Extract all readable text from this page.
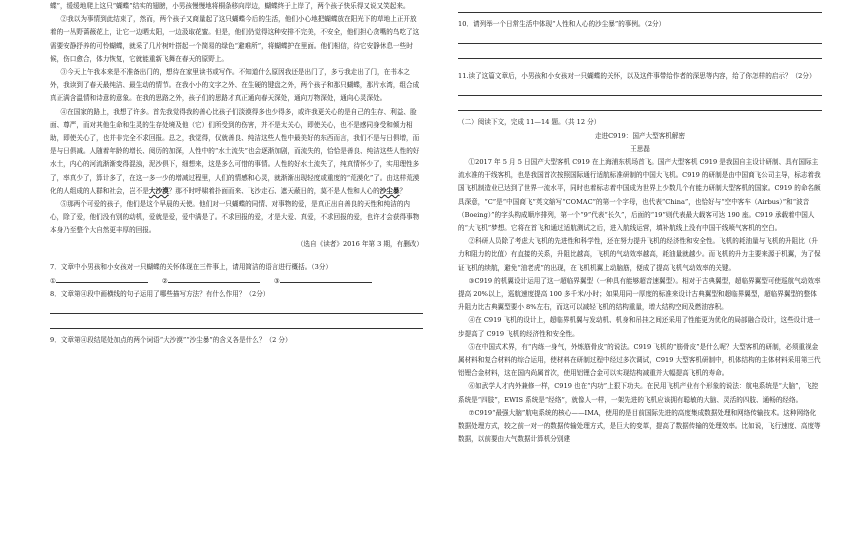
蝶”，缓缓地爬上这只“蝴蝶”结实的翅膀，小男孩慢慢地将桐条移向岸边，蝴蝶终于上岸了，两个孩子快乐得又说又笑起来。

②我以为事情到此结束了，然而，两个孩子又商量起了这只蝴蝶今后的生活，他们小心地把蝴蝶放在阳光下的草地上正开放着的一丛野蔷薇花上，让它一边晒太阳，一边汲取花蜜。但是，他们仍觉得这种安排不完美，不安全，他们担心贪嘴的鸟吃了这需要安静抒养的可怜蝴蝶，就采了几片树叶搭起一个简易的绿色“避难所”，将蝴蝶护在里面。他们相信，待它安静休息一些时候，伤口愈合，体力恢复，它就能重新飞舞在春天的原野上。

③今天上午我本来是不准备出门的，想待在家里读书或写作。不知道什么原因我还是出门了，多亏我走出了门，在书本之外，我读到了春天最纯洁、最生动的情节。在我小小的文字之外、在生硬的键盘之外，两个孩子和那只蝴蝶，那片水湾，组合成真正满含温情和诗意的意象。在我的思路之外，孩子们的思路才真正通向春天深处，通向万物深处，通向心灵深处。

④在国家的路上，我想了许多。首先我觉得我的善心比孩子们淡漠得多也少得多，或许我更关心的是自己的生存、利益、脸面、尊严，而对其他生命和生灵的生存处境及他（它）们所受到的伤害，并不是太关心，即使关心，也不是感同身受和倾力相助，即使关心了，也并非完全不求回报。总之，我觉得，仅就善良、纯洁这些人性中最美好的东西而言，我们不是与日俱增，而是与日俱减。人随着年龄的增长、阅历的加深，人性中的“水土流失”也会逐渐加剧，而流失的，恰恰是善良、纯洁这些人性的好水土，内心的河流渐渐变得混浊，泥沙俱下，细想来，这是多么可惜的事情。人性的好水土流失了，纯真情怀少了，实用理性多了，率真少了，算计多了，在这一多一少的增减过程里，人们的情感和心灵，就渐渐出现轻度或重度的“荒漠化”了。由这样荒漠化的人组成的人群和社会，岂不是大沙漠？那不时呼啸着扑面而来、飞沙走石、遮天蔽日的，莫不是人性和人心的沙尘暴？

⑤那两个可爱的孩子，他们是这个早晨的天使。他们对一只蝴蝶的同情、对事物的爱，是真正出自善良的天性和纯洁的内心，除了爱，他们没有别的动机，爱就是爱，爱中满是了。不求回报的爱，才是大爱、真爱，不求回报的爱，也许才会获得事物本身乃至整个大自然更丰厚的回报。

（选自《读者》2016 年第 3 期，有删改）

7．文章中小男孩和小女孩对一只蝴蝶的关怀体现在三件事上，请用简洁的语言进行概括。（3分）

①	②	③

8．文章第④段中画横线的句子运用了哪些描写方法？有什么作用？（2分）

9．文章第④段结尾处加点的两个词语“大沙漠”“沙尘暴”的含义各是什么？（2 分）

10．请列举一个日常生活中体现“人性和人心的沙尘暴”的事例。（2分）

11.读了这篇文章后，小男孩和小女孩对一只蝴蝶的关怀，以及这件事带给作者的深思等内容，给了你怎样的启示？（2分）

（二）阅读下文，完成 11—14 题。（共 12 分）

走进C919：国产大型客机解密

王思磊

①2017 年 5 月 5 日国产大型客机 C919 在上海浦东机场首飞。国产大型客机 C919 是我国自主设计研制、具有国际主流水准的干线客机，也是我国首次按照国际通行适航标准研制的中国大飞机。C919 的研制是由中国商飞公司主导，标志着我国飞机制造业已达到了世界一流水平，同时也着标志着中国成为世界上少数几个有能力研制大型客机的国家。C919 的命名颇具深意，“C”是“中国商飞”英文缩写“COMAC”的第一个字母，也代表“China”，也恰好与“空中客车（Airbus）”和“波音（Boeing）”的字头构成顺序排列，第一个“9”代表“长久”，后面的“19”则代表最大载客可达 190 座。C919 承载着中国人的“大飞机”梦想。它将在首飞和通过适航测试之后，进入航线运营，填补航线上没有中国干线喷气客机的空白。

②科研人员除了考虑大飞机的先进性和科学性，还在努力提升飞机的经济性和安全性。飞机的耗油量与飞机的升阻比（升力和阻力的比值）有直接的关系，升阻比越高，飞机的气动效率越高，耗油量就越少。而飞机的升力主要来源于机翼，为了保证飞机的续航，避免“油老虎”的出现，在飞机机翼上动脑筋，便成了提高飞机气动效率的关键。

③C919 的机翼设计运用了这一超临界翼型（一种具有能够超音速翼型）。相对于古典翼型，超临界翼型可使巡航气动效率提高 20%以上，巡航速度提高 100 多千米/小时；如果用同一厚度的标准来设计古典翼型和超临界翼型，超临界翼型的整体升阻力比古典翼型要小 8%左右，而这可以减轻飞机的结构重量，增大结构空间及燃油容积。

④在 C919 飞机的设计上，超临界机翼与发动机、机身和吊挂之间还采用了性能更为优化的局部融合设计，这些设计进一步提高了 C919 飞机的经济性和安全性。

⑤在中国式术界，有“内练一身气，外炼筋骨皮”的说法。C919 飞机的“筋骨皮”是什么呢？大型客机的研制，必须重视金属材料和复合材料的综合运用，使材料在研制过程中经过多次调试，C919 大型客机研制中，机体结构的主体材料采用第三代铝锂合金材料，这在国内尚属首次，使用铝锂合金可以实现结构减重并大幅提高飞机的寿命。

⑥如武学人才内外兼修一样，C919 也在“内功”上狠下功夫。在民用飞机产业有个形象的说法：航电系统是“大脑”，飞控系统是“四肢”，EWIS 系统是“经络”，就像人一样，一架先进的飞机应该拥有聪敏的大脑、灵活的四肢、通畅的经络。

⑦C919“最强大脑”航电系统的核心——IMA，使用的是目前国际先进的高度集成数据处理和网络传输技术。这种网络化数据处理方式，较之前一对一的数据传输处理方式，是巨大的变革，提高了数据传输的处理效率。比如说，飞行速度、高度等数据，以前要由大气数据计算机分别建
